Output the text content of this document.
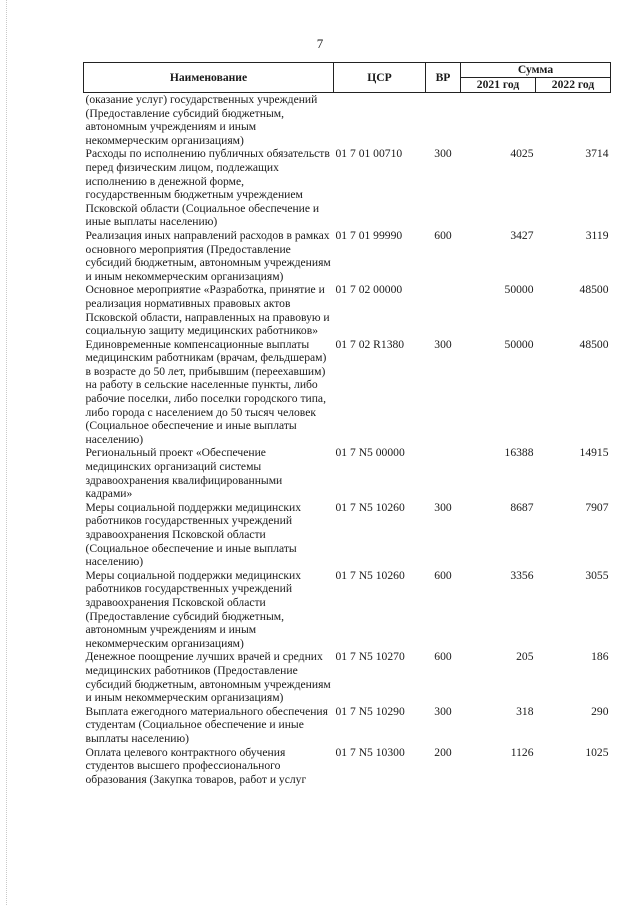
7
Наименование	ЦСР	ВР	Сумма	
			2021 год	2022 год
(оказание услуг) государственных учреждений (Предоставление субсидий бюджетным, автономным учреждениям и иным некоммерческим организациям)				
Расходы по исполнению публичных обязательств перед физическим лицом, подлежащих исполнению в денежной форме, государственным бюджетным учреждением Псковской области (Социальное обеспечение и иные выплаты населению)	01 7 01 00710	300	4025	3714
Реализация иных направлений расходов в рамках основного мероприятия (Предоставление субсидий бюджетным, автономным учреждениям и иным некоммерческим организациям)	01 7 01 99990	600	3427	3119
Основное мероприятие «Разработка, принятие и реализация нормативных правовых актов Псковской области, направленных на правовую и социальную защиту медицинских работников»	01 7 02 00000		50000	48500
Единовременные компенсационные выплаты медицинским работникам (врачам, фельдшерам) в возрасте до 50 лет, прибывшим (переехавшим) на работу в сельские населенные пункты, либо рабочие поселки, либо поселки городского типа, либо города с населением до 50 тысяч человек (Социальное обеспечение и иные выплаты населению)	01 7 02 R1380	300	50000	48500
Региональный проект «Обеспечение медицинских организаций системы здравоохранения квалифицированными кадрами»	01 7 N5 00000		16388	14915
Меры социальной поддержки медицинских работников государственных учреждений здравоохранения Псковской области (Социальное обеспечение и иные выплаты населению)	01 7 N5 10260	300	8687	7907
Меры социальной поддержки медицинских работников государственных учреждений здравоохранения Псковской области (Предоставление субсидий бюджетным, автономным учреждениям и иным некоммерческим организациям)	01 7 N5 10260	600	3356	3055
Денежное поощрение лучших врачей и средних медицинских работников (Предоставление субсидий бюджетным, автономным учреждениям и иным некоммерческим организациям)	01 7 N5 10270	600	205	186
Выплата ежегодного материального обеспечения студентам (Социальное обеспечение и иные выплаты населению)	01 7 N5 10290	300	318	290
Оплата целевого контрактного обучения студентов высшего профессионального образования (Закупка товаров, работ и услуг	01 7 N5 10300	200	1126	1025
